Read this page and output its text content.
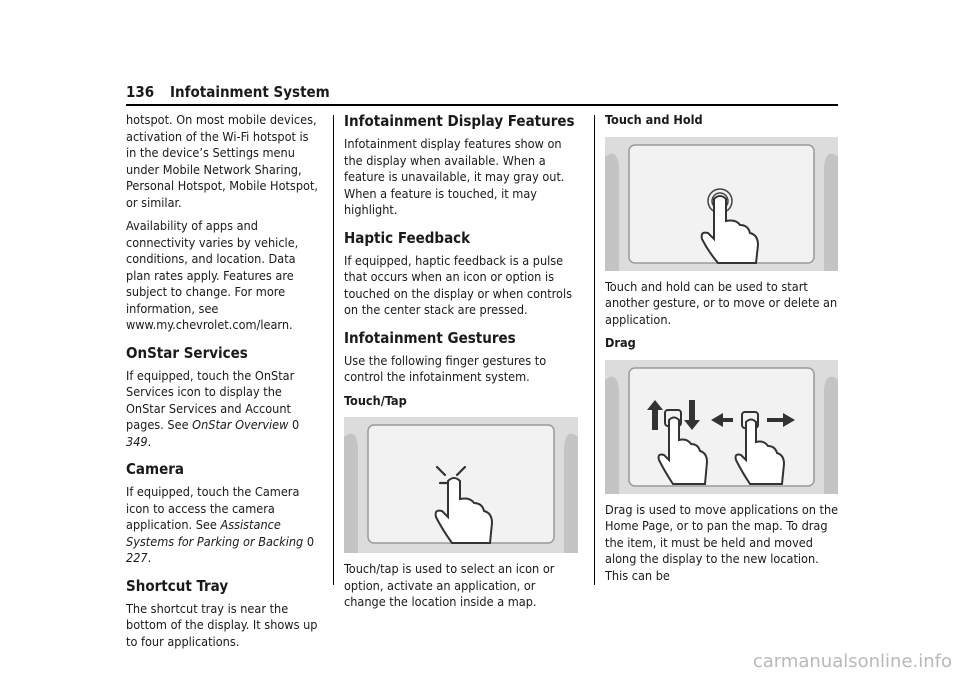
136 Infotainment System

hotspot. On most mobile devices, activation of the Wi-Fi hotspot is in the device’s Settings menu under Mobile Network Sharing, Personal Hotspot, Mobile Hotspot, or similar.

Availability of apps and connectivity varies by vehicle, conditions, and location. Data plan rates apply. Features are subject to change. For more information, see www.my.chevrolet.com/learn.

OnStar Services

If equipped, touch the OnStar Services icon to display the OnStar Services and Account pages. See OnStar Overview 0 349.

Camera

If equipped, touch the Camera icon to access the camera application. See Assistance Systems for Parking or Backing 0 227.

Shortcut Tray

The shortcut tray is near the bottom of the display. It shows up to four applications.

Infotainment Display Features

Infotainment display features show on the display when available. When a feature is unavailable, it may gray out. When a feature is touched, it may highlight.

Haptic Feedback

If equipped, haptic feedback is a pulse that occurs when an icon or option is touched on the display or when controls on the center stack are pressed.

Infotainment Gestures

Use the following finger gestures to control the infotainment system.

Touch/Tap

Touch/tap is used to select an icon or option, activate an application, or change the location inside a map.

Touch and Hold

Touch and hold can be used to start another gesture, or to move or delete an application.

Drag

Drag is used to move applications on the Home Page, or to pan the map. To drag the item, it must be held and moved along the display to the new location. This can be

carmanualsonline.info
